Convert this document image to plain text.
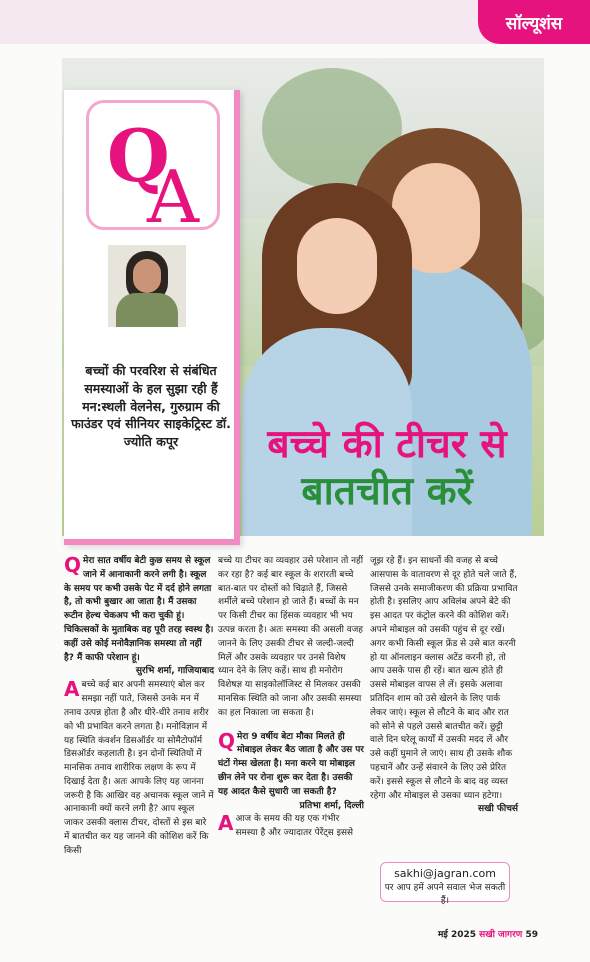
सॉल्यूशंस
बच्चे की टीचर से
बातचीत करें
Q
A
बच्चों की परवरिश से संबंधित समस्याओं के हल सुझा रही हैं मन:स्थली वेलनेस, गुरुग्राम की फाउंडर एवं सीनियर साइकेट्रिस्ट डॉ. ज्योति कपूर
Q मेरा सात वर्षीय बेटी कुछ समय से स्कूल जाने में आनाकानी करने लगी है। स्कूल के समय पर कभी उसके पेट में दर्द होने लगता है, तो कभी बुखार आ जाता है। मैं उसका रूटीन हेल्थ चेकअप भी करा चुकी हूं। चिकित्सकों के मुताबिक वह पूरी तरह स्वस्थ है। कहीं उसे कोई मनोवैज्ञानिक समस्या तो नहीं है? मैं काफी परेशान हूं।
सुरभि शर्मा, गाजियाबाद
A बच्चे कई बार अपनी समस्याएं बोल कर समझा नहीं पाते, जिससे उनके मन में तनाव उत्पन्न होता है और धीरे-धीरे तनाव शरीर को भी प्रभावित करने लगता है। मनोविज्ञान में यह स्थिति कंवर्शन डिसऑर्डर या सोमैटोफॉर्म डिसऑर्डर कहलाती है। इन दोनों स्थितियों में मानसिक तनाव शारीरिक लक्षण के रूप में दिखाई देता है। अतः आपके लिए यह जानना जरूरी है कि आखिर वह अचानक स्कूल जाने में आनाकानी क्यों करने लगी है? आप स्कूल जाकर उसकी क्लास टीचर, दोस्तों से इस बारे में बातचीत कर यह जानने की कोशिश करें कि किसी
बच्चे या टीचर का व्यवहार उसे परेशान तो नहीं कर रहा है? कई बार स्कूल के शरारती बच्चे बात-बात पर दोस्तों को चिढ़ाते हैं, जिससे शर्मीले बच्चे परेशान हो जाते हैं। बच्चों के मन पर किसी टीचर का हिंसक व्यवहार भी भय उत्पन्न करता है। अतः समस्या की असली वजह जानने के लिए उसकी टीचर से जल्दी-जल्दी मिलें और उसके व्यवहार पर उनसे विशेष ध्यान देने के लिए कहें। साथ ही मनोरोग विशेषज्ञ या साइकोलॉजिस्ट से मिलकर उसकी मानसिक स्थिति को जाना और उसकी समस्या का हल निकाला जा सकता है।
Q मेरा 9 वर्षीय बेटा मौका मिलते ही मोबाइल लेकर बैठ जाता है और उस पर घंटों गेम्स खेलता है। मना करने या मोबाइल छीन लेने पर रोना शुरू कर देता है। उसकी यह आदत कैसे सुधारी जा सकती है?
प्रतिभा शर्मा, दिल्ली
A आज के समय की यह एक गंभीर समस्या है और ज्यादातर पेरेंट्स इससे
जूझ रहे हैं। इन साधनों की वजह से बच्चे आसपास के वातावरण से दूर होते चले जाते हैं, जिससे उनके समाजीकरण की प्रक्रिया प्रभावित होती है। इसलिए आप अविलंब अपने बेटे की इस आदत पर कंट्रोल करने की कोशिश करें। अपने मोबाइल को उसकी पहुंच से दूर रखें। अगर कभी किसी स्कूल फ्रेंड से उसे बात करनी हो या ऑनलाइन क्लास अटेंड करनी हो, तो आप उसके पास ही रहें। बात खत्म होते ही उससे मोबाइल वापस ले लें। इसके अलावा प्रतिदिन शाम को उसे खेलने के लिए पार्क लेकर जाएं। स्कूल से लौटने के बाद और रात को सोने से पहले उससे बातचीत करें। छुट्टी वाले दिन घरेलू कार्यों में उसकी मदद लें और उसे कहीं घुमाने ले जाएं। साथ ही उसके शौक पहचानें और उन्हें संवारने के लिए उसे प्रेरित करें। इससे स्कूल से लौटने के बाद वह व्यस्त रहेगा और मोबाइल से उसका ध्यान हटेगा।
सखी फीचर्स
sakhi@jagran.com
पर आप हमें अपने सवाल भेज सकती हैं।
मई 2025 सखी जागरण 59
